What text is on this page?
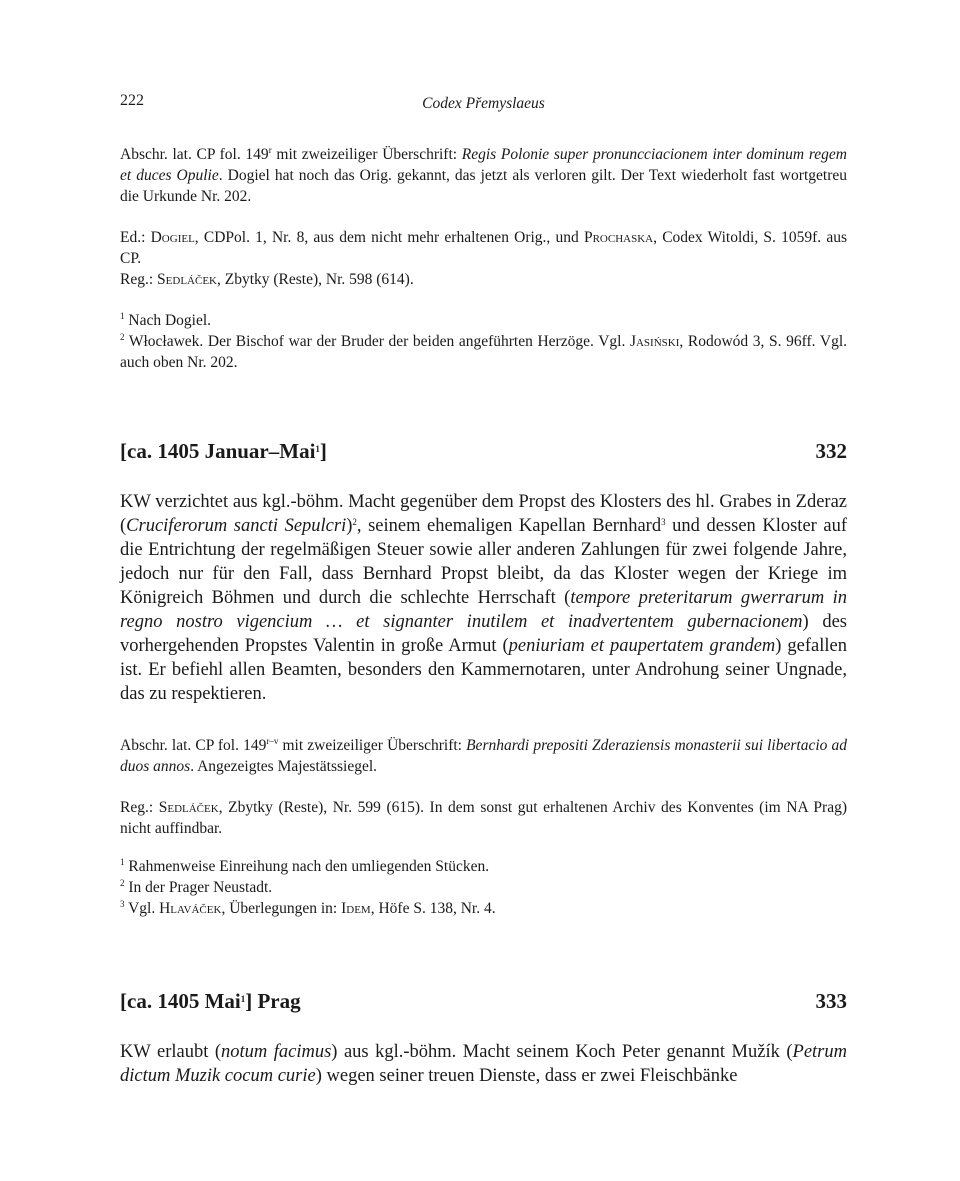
222	Codex Přemyslaeus

Abschr. lat. CP fol. 149$^r$ mit zweizeiliger Überschrift: Regis Polonie super pronuncciacionem inter dominum regem et duces Opulie. Dogiel hat noch das Orig. gekannt, das jetzt als verloren gilt. Der Text wiederholt fast wortgetreu die Urkunde Nr. 202.

Ed.: Dogiel, CDPol. 1, Nr. 8, aus dem nicht mehr erhaltenen Orig., und Prochaska, Codex Witoldi, S. 1059f. aus CP.

Reg.: Sedláček, Zbytky (Reste), Nr. 598 (614).

$^1$ Nach Dogiel.

$^2$ Włocławek. Der Bischof war der Bruder der beiden angeführten Herzöge. Vgl. Jasiński, Rodowód 3, S. 96ff. Vgl. auch oben Nr. 202.

[ca. 1405 Januar–Mai$^1$]	332

KW verzichtet aus kgl.-böhm. Macht gegenüber dem Propst des Klosters des hl. Grabes in Zderaz (Cruciferorum sancti Sepulcri)$^2$, seinem ehemaligen Kapellan Bernhard$^3$ und dessen Kloster auf die Entrichtung der regelmäßigen Steuer sowie aller anderen Zahlungen für zwei folgende Jahre, jedoch nur für den Fall, dass Bernhard Propst bleibt, da das Kloster wegen der Kriege im Königreich Böhmen und durch die schlechte Herrschaft (tempore preteritarum gwerrarum in regno nostro vigencium … et signanter inutilem et inadvertentem gubernacionem) des vorhergehenden Propstes Valentin in große Armut (peniuriam et paupertatem grandem) gefallen ist. Er befiehl allen Beamten, besonders den Kammernotaren, unter Androhung seiner Ungnade, das zu respektieren.

Abschr. lat. CP fol. 149$^{r-v}$ mit zweizeiliger Überschrift: Bernhardi prepositi Zderaziensis monasterii sui libertacio ad duos annos. Angezeigtes Majestätssiegel.

Reg.: Sedláček, Zbytky (Reste), Nr. 599 (615). In dem sonst gut erhaltenen Archiv des Konventes (im NA Prag) nicht auffindbar.

$^1$ Rahmenweise Einreihung nach den umliegenden Stücken.

$^2$ In der Prager Neustadt.

$^3$ Vgl. Hlaváček, Überlegungen in: Idem, Höfe S. 138, Nr. 4.

[ca. 1405 Mai$^1$] Prag	333

KW erlaubt (notum facimus) aus kgl.-böhm. Macht seinem Koch Peter genannt Mužík (Petrum dictum Muzik cocum curie) wegen seiner treuen Dienste, dass er zwei Fleischbänke
